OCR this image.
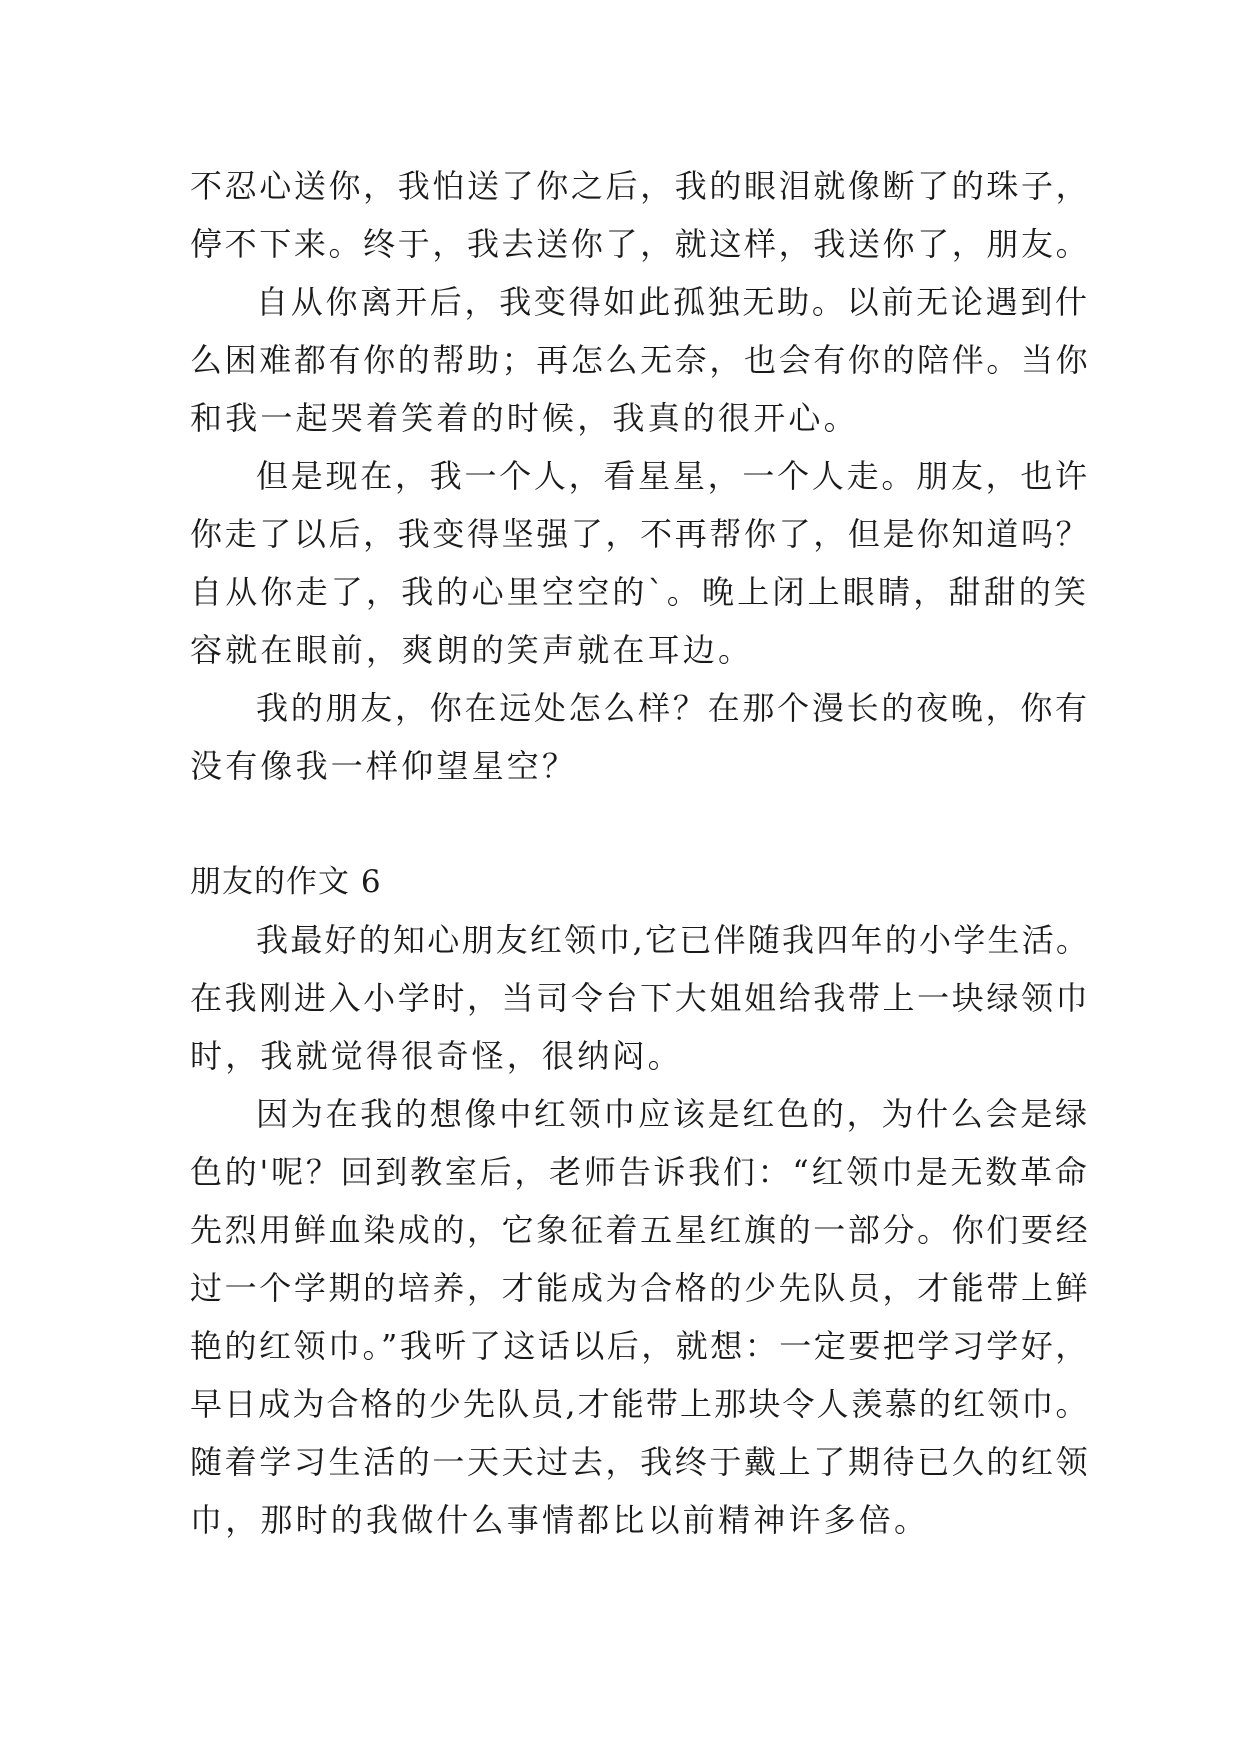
不忍心送你，我怕送了你之后，我的眼泪就像断了的珠子，
停不下来。终于，我去送你了，就这样，我送你了，朋友。
自从你离开后，我变得如此孤独无助。以前无论遇到什
么困难都有你的帮助；再怎么无奈，也会有你的陪伴。当你
和我一起哭着笑着的时候，我真的很开心。
但是现在，我一个人，看星星，一个人走。朋友，也许
你走了以后，我变得坚强了，不再帮你了，但是你知道吗？
自从你走了，我的心里空空的`。晚上闭上眼睛，甜甜的笑
容就在眼前，爽朗的笑声就在耳边。
我的朋友，你在远处怎么样？在那个漫长的夜晚，你有
没有像我一样仰望星空？
朋友的作文 6
我最好的知心朋友红领巾,它已伴随我四年的小学生活。
在我刚进入小学时，当司令台下大姐姐给我带上一块绿领巾
时，我就觉得很奇怪，很纳闷。
因为在我的想像中红领巾应该是红色的，为什么会是绿
色的'呢？回到教室后，老师告诉我们：“红领巾是无数革命
先烈用鲜血染成的，它象征着五星红旗的一部分。你们要经
过一个学期的培养，才能成为合格的少先队员，才能带上鲜
艳的红领巾。”我听了这话以后，就想：一定要把学习学好，
早日成为合格的少先队员,才能带上那块令人羡慕的红领巾。
随着学习生活的一天天过去，我终于戴上了期待已久的红领
巾，那时的我做什么事情都比以前精神许多倍。
